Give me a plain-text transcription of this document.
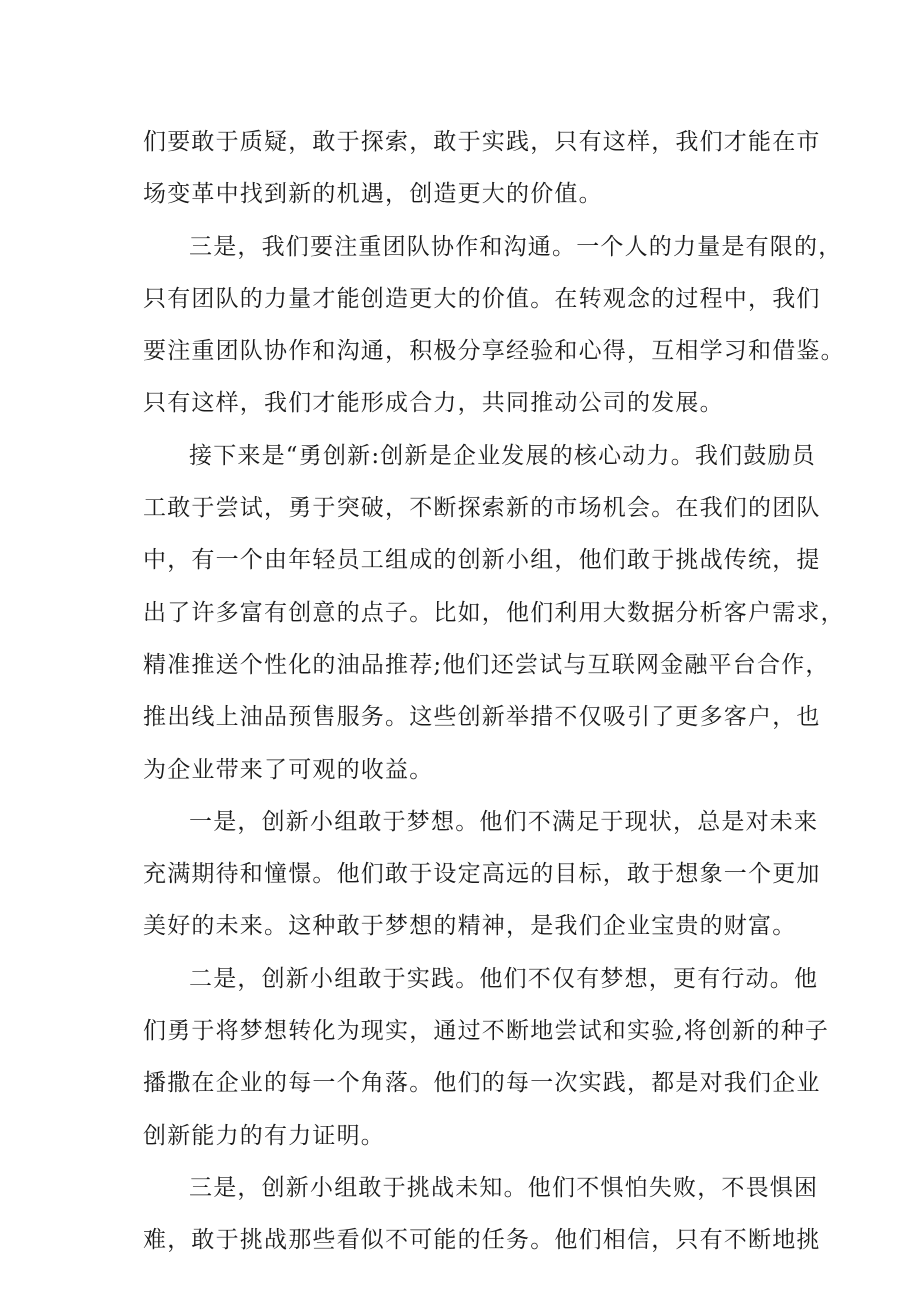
们要敢于质疑，敢于探索，敢于实践，只有这样，我们才能在市
场变革中找到新的机遇，创造更大的价值。
三是，我们要注重团队协作和沟通。一个人的力量是有限的，
只有团队的力量才能创造更大的价值。在转观念的过程中，我们
要注重团队协作和沟通，积极分享经验和心得，互相学习和借鉴。
只有这样，我们才能形成合力，共同推动公司的发展。
接下来是“勇创新:创新是企业发展的核心动力。我们鼓励员
工敢于尝试，勇于突破，不断探索新的市场机会。在我们的团队
中，有一个由年轻员工组成的创新小组，他们敢于挑战传统，提
出了许多富有创意的点子。比如，他们利用大数据分析客户需求，
精准推送个性化的油品推荐;他们还尝试与互联网金融平台合作，
推出线上油品预售服务。这些创新举措不仅吸引了更多客户，也
为企业带来了可观的收益。
一是，创新小组敢于梦想。他们不满足于现状，总是对未来
充满期待和憧憬。他们敢于设定高远的目标，敢于想象一个更加
美好的未来。这种敢于梦想的精神，是我们企业宝贵的财富。
二是，创新小组敢于实践。他们不仅有梦想，更有行动。他
们勇于将梦想转化为现实，通过不断地尝试和实验,将创新的种子
播撒在企业的每一个角落。他们的每一次实践，都是对我们企业
创新能力的有力证明。
三是，创新小组敢于挑战未知。他们不惧怕失败，不畏惧困
难，敢于挑战那些看似不可能的任务。他们相信，只有不断地挑
